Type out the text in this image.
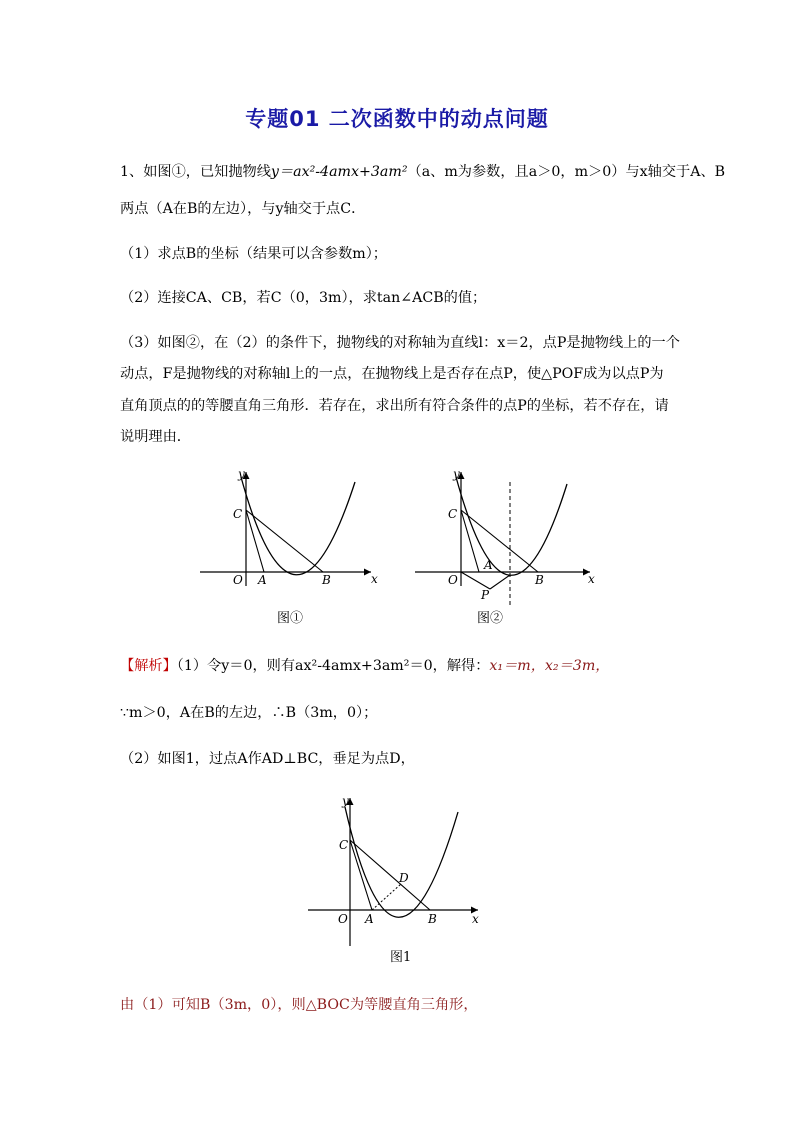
专题01 二次函数中的动点问题
1、如图①，已知抛物线y＝ax²-4amx+3am²（a、m为参数，且a＞0，m＞0）与x轴交于A、B
两点（A在B的左边），与y轴交于点C．
（1）求点B的坐标（结果可以含参数m）；
（2）连接CA、CB，若C（0，3m），求tan∠ACB的值；
（3）如图②，在（2）的条件下，抛物线的对称轴为直线l：x＝2，点P是抛物线上的一个
动点，F是抛物线的对称轴l上的一点，在抛物线上是否存在点P，使△POF成为以点P为
直角顶点的的等腰直角三角形．若存在，求出所有符合条件的点P的坐标，若不存在，请
说明理由．
y
x
C
O A	B
图①
y
x
C
O
A
B
P
图②
【解析】（1）令y＝0，则有ax²-4amx+3am²＝0，解得：x₁＝m，x₂＝3m，
∵m＞0，A在B的左边，∴B（3m，0）；
（2）如图1，过点A作AD⊥BC，垂足为点D，
y
x
C
O A	B
D
图1
由（1）可知B（3m，0），则△BOC为等腰直角三角形，
